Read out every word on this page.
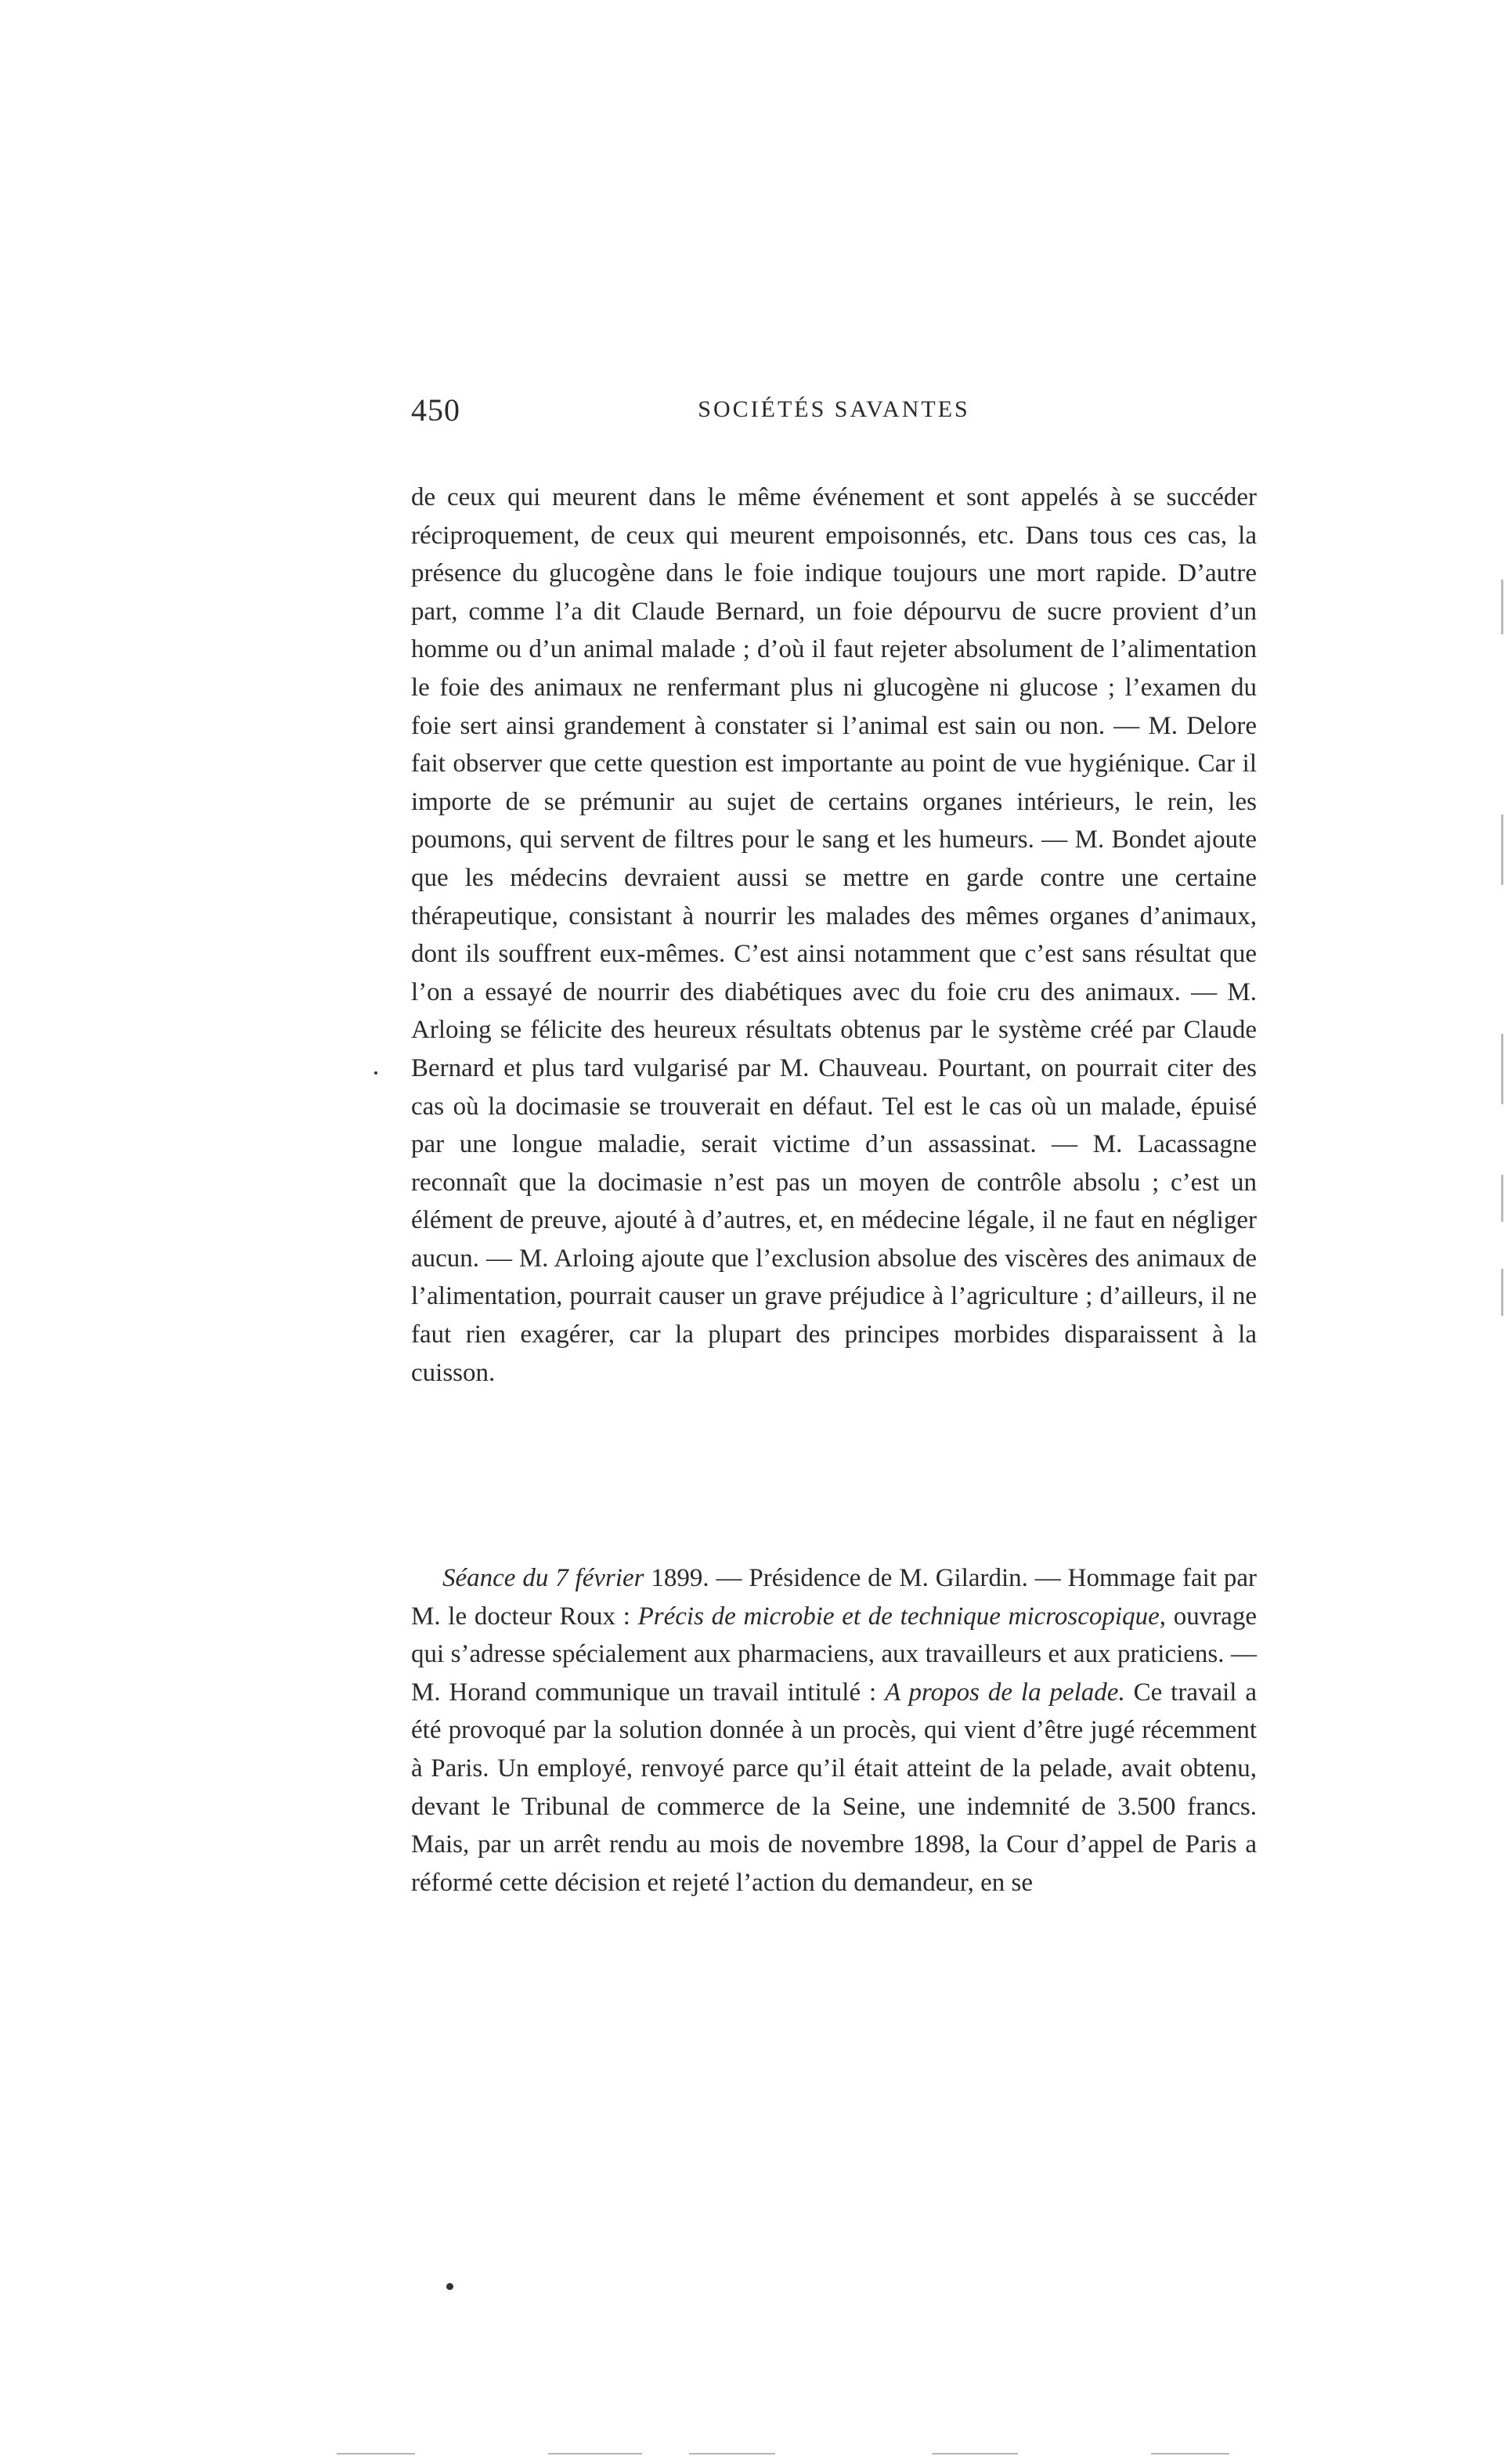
450	SOCIÉTÉS SAVANTES

de ceux qui meurent dans le même événement et sont appelés à se succéder réciproquement, de ceux qui meurent empoisonnés, etc. Dans tous ces cas, la présence du glucogène dans le foie indique toujours une mort rapide. D’autre part, comme l’a dit Claude Bernard, un foie dépourvu de sucre provient d’un homme ou d’un animal malade ; d’où il faut rejeter absolument de l’alimentation le foie des animaux ne renfermant plus ni glucogène ni glucose ; l’examen du foie sert ainsi grandement à constater si l’animal est sain ou non. — M. Delore fait observer que cette question est importante au point de vue hygiénique. Car il importe de se prémunir au sujet de certains organes intérieurs, le rein, les poumons, qui servent de filtres pour le sang et les humeurs. — M. Bondet ajoute que les médecins devraient aussi se mettre en garde contre une certaine thérapeutique, consistant à nourrir les malades des mêmes organes d’animaux, dont ils souffrent eux-mêmes. C’est ainsi notamment que c’est sans résultat que l’on a essayé de nourrir des diabétiques avec du foie cru des animaux. — M. Arloing se félicite des heureux résultats obtenus par le système créé par Claude Bernard et plus tard vulgarisé par M. Chauveau. Pourtant, on pourrait citer des cas où la docimasie se trouverait en défaut. Tel est le cas où un malade, épuisé par une longue maladie, serait victime d’un assassinat. — M. Lacassagne reconnaît que la docimasie n’est pas un moyen de contrôle absolu ; c’est un élément de preuve, ajouté à d’autres, et, en médecine légale, il ne faut en négliger aucun. — M. Arloing ajoute que l’exclusion absolue des viscères des animaux de l’alimentation, pourrait causer un grave préjudice à l’agriculture ; d’ailleurs, il ne faut rien exagérer, car la plupart des principes morbides disparaissent à la cuisson.

Séance du 7 février 1899. — Présidence de M. Gilardin. — Hommage fait par M. le docteur Roux : Précis de microbie et de technique microscopique, ouvrage qui s’adresse spécialement aux pharmaciens, aux travailleurs et aux praticiens. — M. Horand communique un travail intitulé : A propos de la pelade. Ce travail a été provoqué par la solution donnée à un procès, qui vient d’être jugé récemment à Paris. Un employé, renvoyé parce qu’il était atteint de la pelade, avait obtenu, devant le Tribunal de commerce de la Seine, une indemnité de 3.500 francs. Mais, par un arrêt rendu au mois de novembre 1898, la Cour d’appel de Paris a réformé cette décision et rejeté l’action du demandeur, en se
